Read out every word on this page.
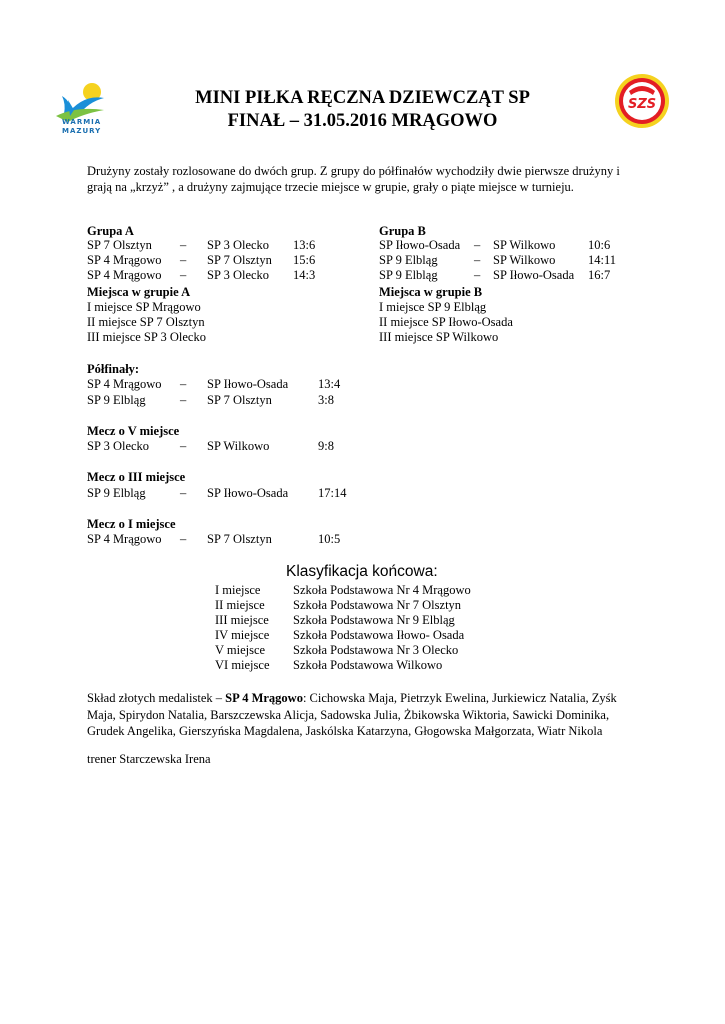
WARMIA
MAZURY
SZS
MINI PIŁKA RĘCZNA DZIEWCZĄT SP
FINAŁ – 31.05.2016 MRĄGOWO
Drużyny zostały rozlosowane do dwóch grup. Z grupy do półfinałów wychodziły dwie pierwsze drużyny i grają na „krzyż” , a drużyny zajmujące trzecie miejsce w grupie, grały o piąte miejsce w turnieju.
Grupa A
SP 7 Olsztyn – SP 3 Olecko 13:6
SP 4 Mrągowo – SP 7 Olsztyn 15:6
SP 4 Mrągowo – SP 3 Olecko 14:3
Miejsca w grupie A
I miejsce SP Mrągowo
II miejsce SP 7 Olsztyn
III miejsce SP 3 Olecko
Grupa B
SP Iłowo-Osada – SP Wilkowo	10:6
SP 9 Elbląg	– SP Wilkowo	14:11
SP 9 Elbląg	– SP Iłowo-Osada 16:7
Miejsca w grupie B
I miejsce SP 9 Elbląg
II miejsce SP Iłowo-Osada
III miejsce SP Wilkowo
Półfinały:
SP 4 Mrągowo – SP Iłowo-Osada 13:4
SP 9 Elbląg	– SP 7 Olsztyn	3:8
Mecz o V miejsce
SP 3 Olecko – SP Wilkowo	9:8
Mecz o III miejsce
SP 9 Elbląg	– SP Iłowo-Osada 17:14
Mecz o I miejsce
SP 4 Mrągowo – SP 7 Olsztyn	10:5
Klasyfikacja końcowa:
I miejsce	Szkoła Podstawowa Nr 4 Mrągowo
II miejsce Szkoła Podstawowa Nr 7 Olsztyn
III miejsce Szkoła Podstawowa Nr 9 Elbląg
IV miejsce Szkoła Podstawowa Iłowo- Osada
V miejsce Szkoła Podstawowa Nr 3 Olecko
VI miejsce Szkoła Podstawowa Wilkowo
Skład złotych medalistek – SP 4 Mrągowo: Cichowska Maja, Pietrzyk Ewelina, Jurkiewicz Natalia, Zyśk Maja, Spirydon Natalia, Barszczewska Alicja, Sadowska Julia, Żbikowska Wiktoria, Sawicki Dominika, Grudek Angelika, Gierszyńska Magdalena, Jaskólska Katarzyna, Głogowska Małgorzata, Wiatr Nikola
trener Starczewska Irena
